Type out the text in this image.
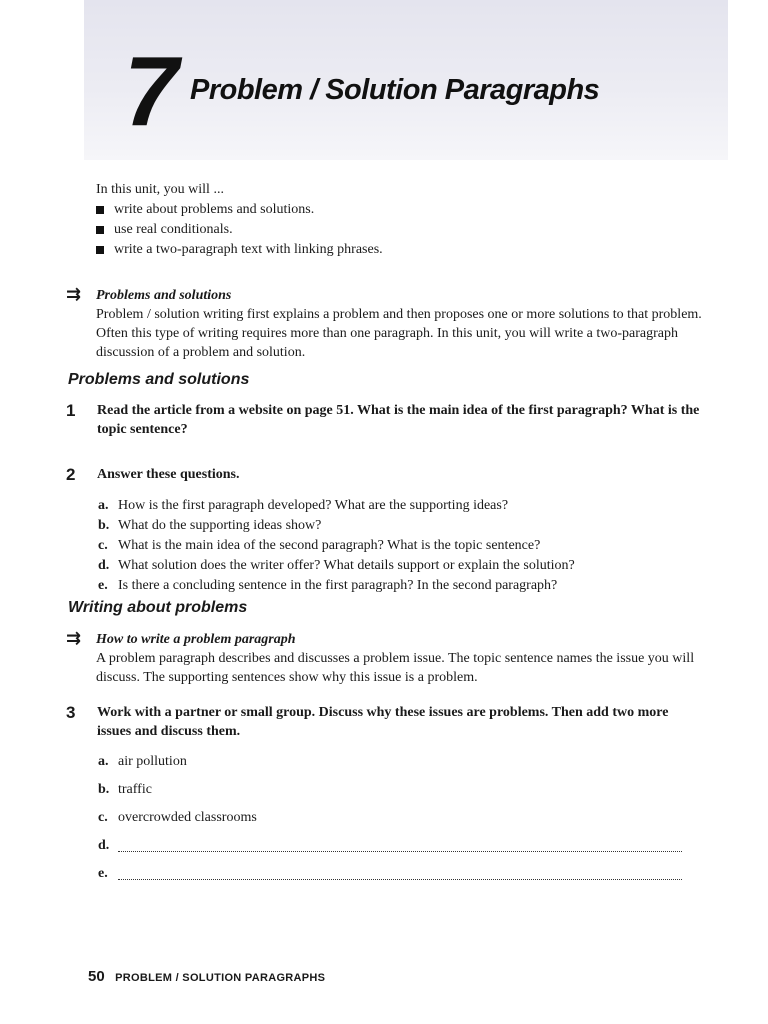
7 Problem / Solution Paragraphs
In this unit, you will ...
write about problems and solutions.
use real conditionals.
write a two-paragraph text with linking phrases.
⇉	Problems and solutions
Problem / solution writing first explains a problem and then proposes one or more solutions to that problem. Often this type of writing requires more than one paragraph. In this unit, you will write a two-paragraph discussion of a problem and solution.
Problems and solutions
1	Read the article from a website on page 51. What is the main idea of the first paragraph? What is the topic sentence?
2	Answer these questions.
a. How is the first paragraph developed? What are the supporting ideas?
b. What do the supporting ideas show?
c. What is the main idea of the second paragraph? What is the topic sentence?
d. What solution does the writer offer? What details support or explain the solution?
e. Is there a concluding sentence in the first paragraph? In the second paragraph?
Writing about problems
⇉	How to write a problem paragraph
A problem paragraph describes and discusses a problem issue. The topic sentence names the issue you will discuss. The supporting sentences show why this issue is a problem.
3	Work with a partner or small group. Discuss why these issues are problems. Then add two more issues and discuss them.
a. air pollution
b. traffic
c. overcrowded classrooms
d.
e.
50 PROBLEM / SOLUTION PARAGRAPHS
